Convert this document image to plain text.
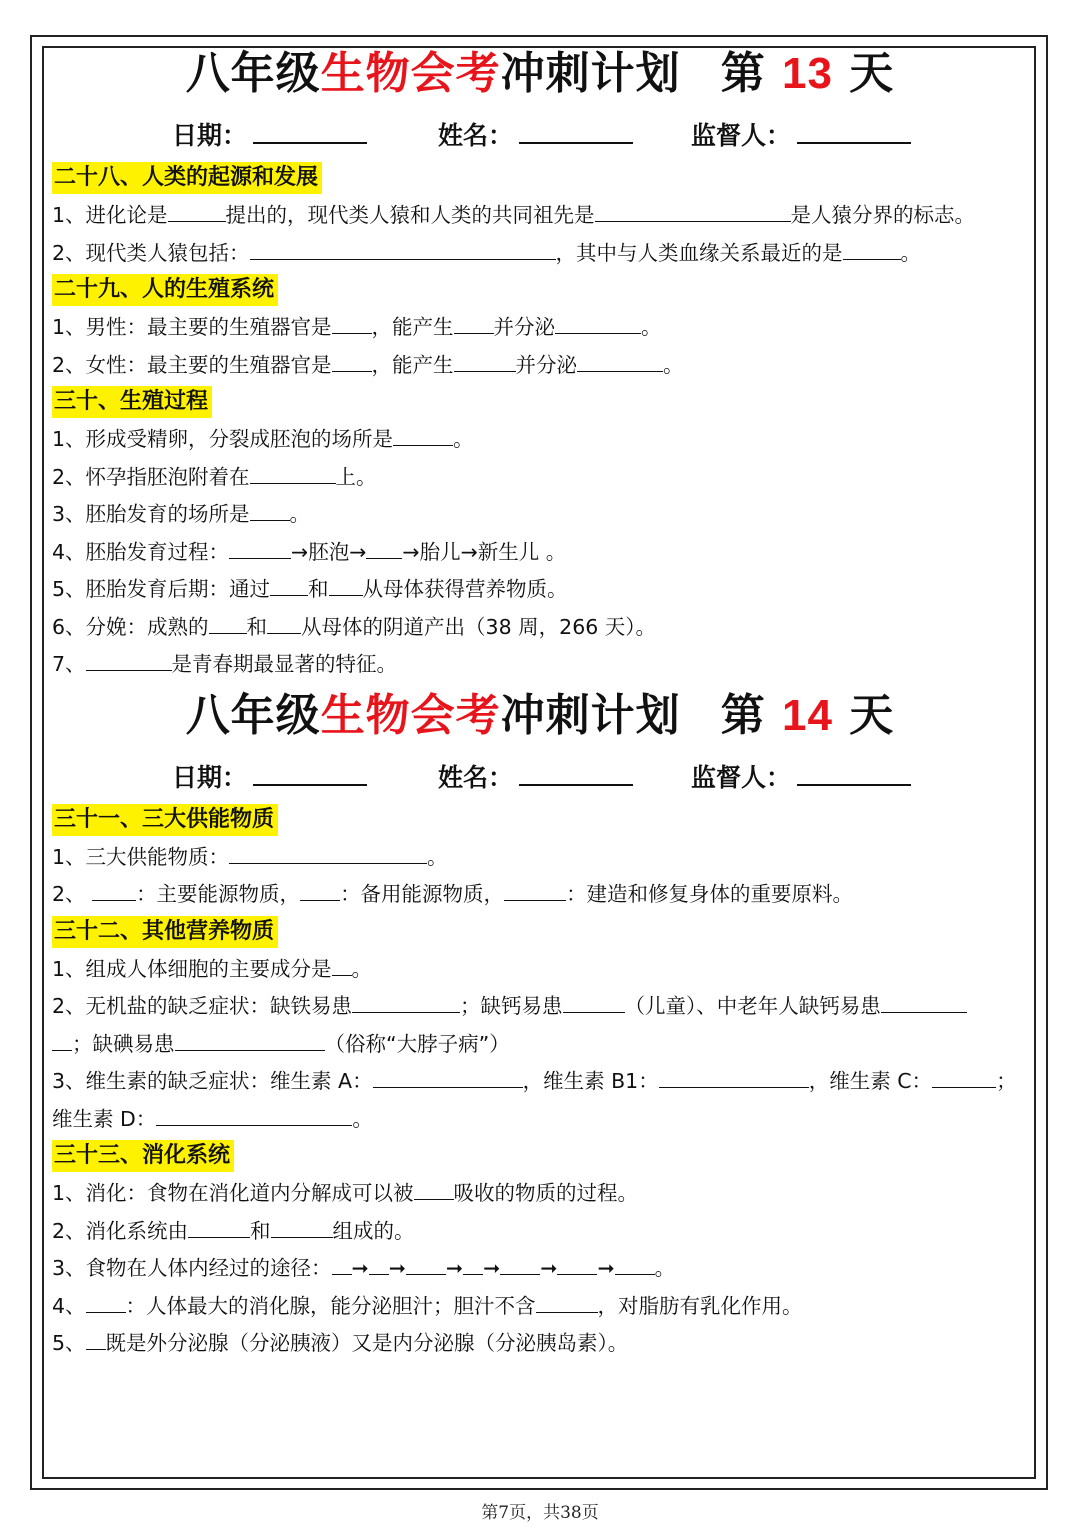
八年级生物会考冲刺计划 第 13 天
日期：	姓名：	监督人：
二十八、人类的起源和发展
1、进化论是	提出的，现代类人猿和人类的共同祖先是	是人猿分界的标志。
2、现代类人猿包括：	，其中与人类血缘关系最近的是	。
二十九、人的生殖系统
1、男性：最主要的生殖器官是 ，能产生 并分泌	。
2、女性：最主要的生殖器官是 ，能产生	并分泌	。
三十、生殖过程
1、形成受精卵，分裂成胚泡的场所是	。
2、怀孕指胚泡附着在	上。
3、胚胎发育的场所是 。
4、胚胎发育过程：	→胚泡→ →胎儿→新生儿 。
5、胚胎发育后期：通过 和 从母体获得营养物质。
6、分娩：成熟的 和 从母体的阴道产出（38 周，266 天）。
7、	是青春期最显著的特征。
八年级生物会考冲刺计划 第 14 天
日期：	姓名：	监督人：
三十一、三大供能物质
1、三大供能物质：	。
2、 ：主要能源物质， ：备用能源物质，	：建造和修复身体的重要原料。
三十二、其他营养物质
1、组成人体细胞的主要成分是 。
2、无机盐的缺乏症状：缺铁易患	；缺钙易患	（儿童）、中老年人缺钙易患
；缺碘易患	（俗称“大脖子病”）
3、维生素的缺乏症状：维生素 A：	，维生素 B1：	，维生素 C：	；
维生素 D：	。
三十三、消化系统
1、消化：食物在消化道内分解成可以被 吸收的物质的过程。
2、消化系统由	和	组成的。
3、食物在人体内经过的途径： ➞ ➞ ➞ ➞ ➞ ➞ 。
4、 ：人体最大的消化腺，能分泌胆汁；胆汁不含	，对脂肪有乳化作用。
5、 既是外分泌腺（分泌胰液）又是内分泌腺（分泌胰岛素）。
第7页，共38页
